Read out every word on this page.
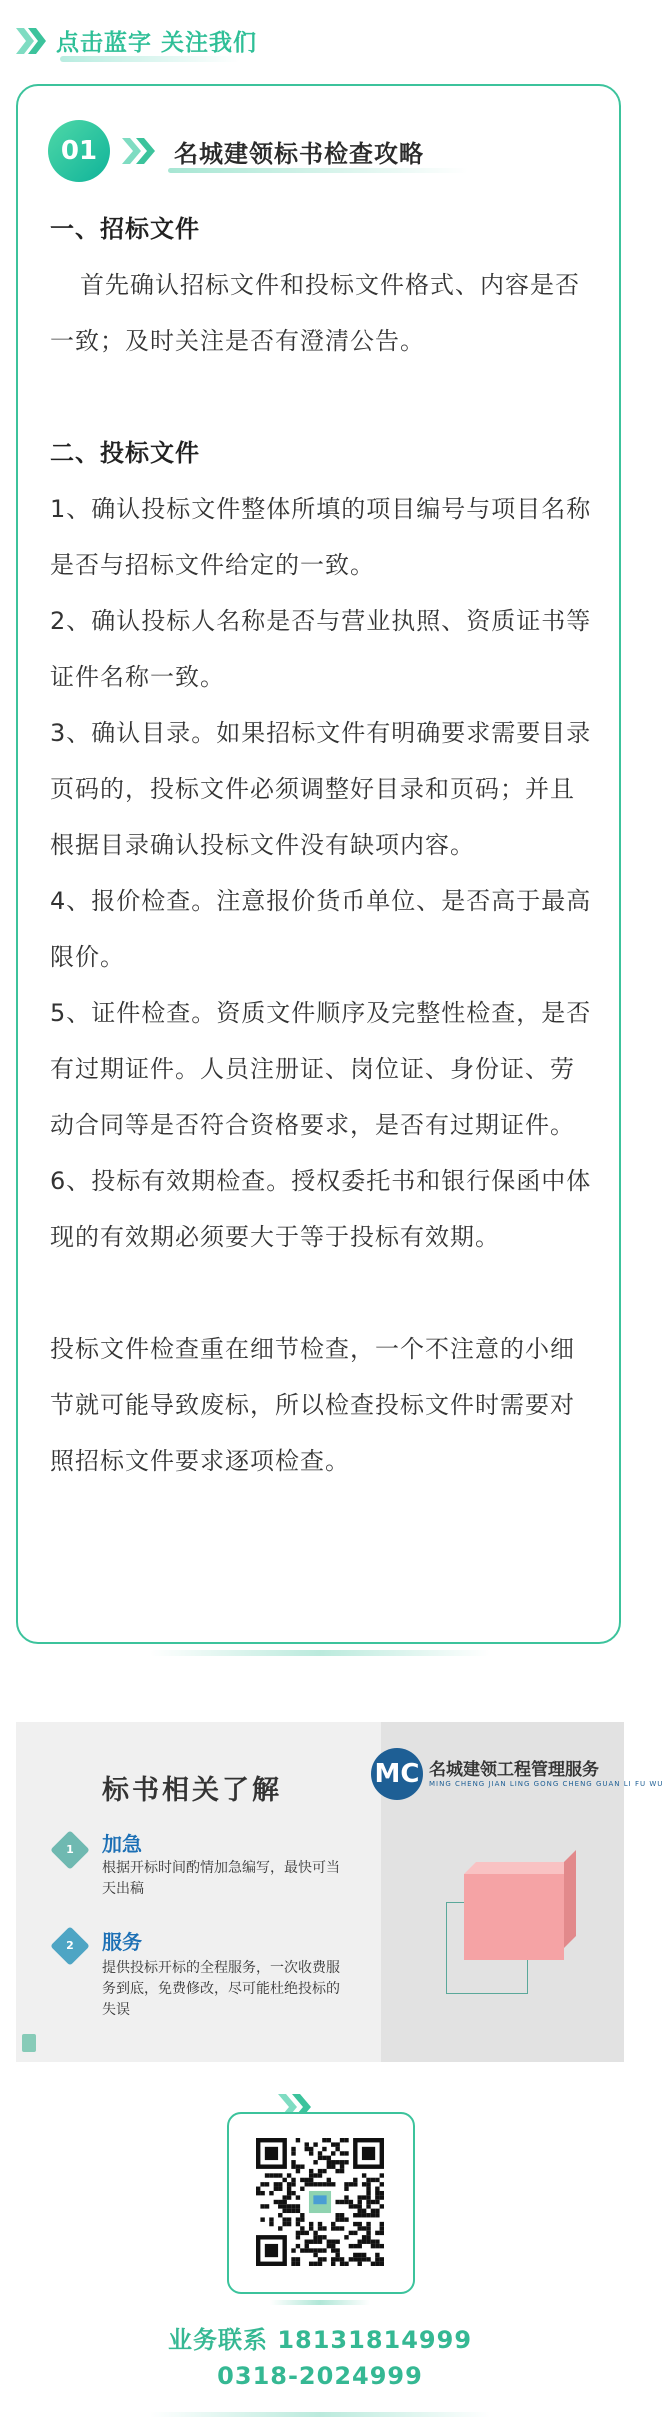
点击蓝字 关注我们
01	名城建领标书检查攻略

一、招标文件

首先确认招标文件和投标文件格式、内容是否一致；及时关注是否有澄清公告。

二、投标文件

1、确认投标文件整体所填的项目编号与项目名称是否与招标文件给定的一致。

2、确认投标人名称是否与营业执照、资质证书等证件名称一致。

3、确认目录。如果招标文件有明确要求需要目录页码的，投标文件必须调整好目录和页码；并且根据目录确认投标文件没有缺项内容。

4、报价检查。注意报价货币单位、是否高于最高限价。

5、证件检查。资质文件顺序及完整性检查，是否有过期证件。人员注册证、岗位证、身份证、劳动合同等是否符合资格要求，是否有过期证件。

6、投标有效期检查。授权委托书和银行保函中体现的有效期必须要大于等于投标有效期。

投标文件检查重在细节检查，一个不注意的小细节就可能导致废标，所以检查投标文件时需要对照招标文件要求逐项检查。

标书相关了解
MC 名城建领工程管理服务
MING CHENG JIAN LING GONG CHENG GUAN LI FU WU
1	加急
根据开标时间酌情加急编写，最快可当天出稿
2	服务
提供投标开标的全程服务，一次收费服务到底，免费修改，尽可能杜绝投标的失误
业务联系 18131814999
0318-2024999
